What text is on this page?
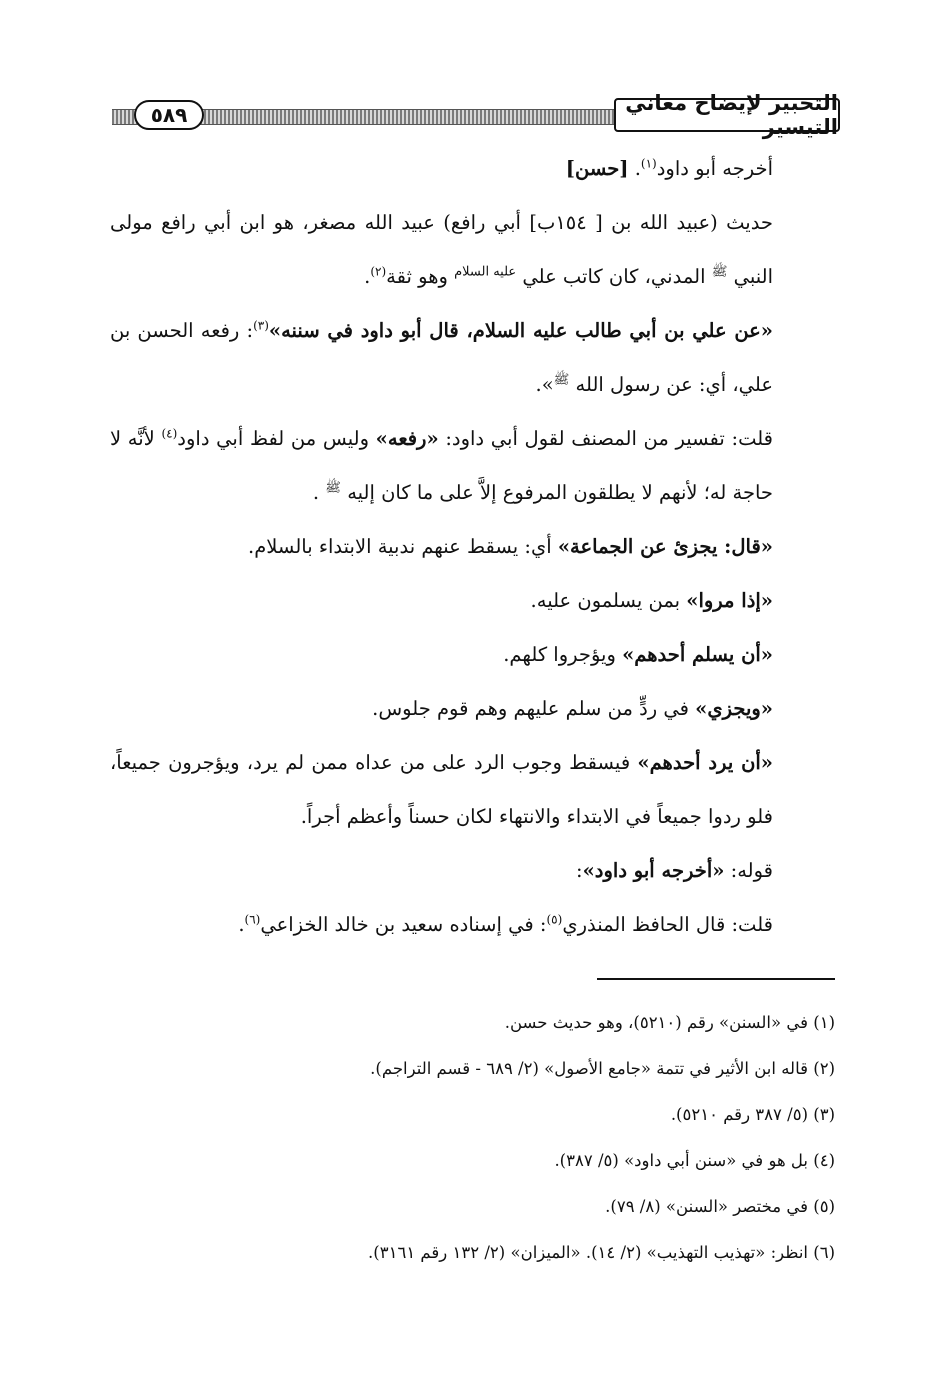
التحبير لإيضاح معاني التيسير
٥٨٩

أخرجه أبو داود$^{(١)}$. [حسن]

حديث (عبيد الله بن [ ١٥٤ب] أبي رافع) عبيد الله مصغر، هو ابن أبي رافع مولى النبي $^ﷺ$ المدني، كان كاتب علي $^{عليه السلام}$ وهو ثقة$^{(٢)}$.

«عن علي بن أبي طالب عليه السلام، قال أبو داود في سننه»$^{(٣)}$: رفعه الحسن بن علي، أي: عن رسول الله $^ﷺ$».

قلت: تفسير من المصنف لقول أبي داود: «رفعه» وليس من لفظ أبي داود$^{(٤)}$ لأنَّه لا حاجة له؛ لأنهم لا يطلقون المرفوع إلاَّ على ما كان إليه $^ﷺ$ .

«قال: يجزئ عن الجماعة» أي: يسقط عنهم ندبية الابتداء بالسلام.

«إذا مروا» بمن يسلمون عليه.

«أن يسلم أحدهم» ويؤجروا كلهم.

«ويجزي» في ردٍّ من سلم عليهم وهم قوم جلوس.

«أن يرد أحدهم» فيسقط وجوب الرد على من عداه ممن لم يرد، ويؤجرون جميعاً، فلو ردوا جميعاً في الابتداء والانتهاء لكان حسناً وأعظم أجراً.

قوله: «أخرجه أبو داود»:

قلت: قال الحافظ المنذري$^{(٥)}$: في إسناده سعيد بن خالد الخزاعي$^{(٦)}$.

(١) في «السنن» رقم (٥٢١٠)، وهو حديث حسن.

(٢) قاله ابن الأثير في تتمة «جامع الأصول» (٢/ ٦٨٩ - قسم التراجم).

(٣) (٥/ ٣٨٧ رقم ٥٢١٠).

(٤) بل هو في «سنن أبي داود» (٥/ ٣٨٧).

(٥) في مختصر «السنن» (٨/ ٧٩).

(٦) انظر: «تهذيب التهذيب» (٢/ ١٤). «الميزان» (٢/ ١٣٢ رقم ٣١٦١).
